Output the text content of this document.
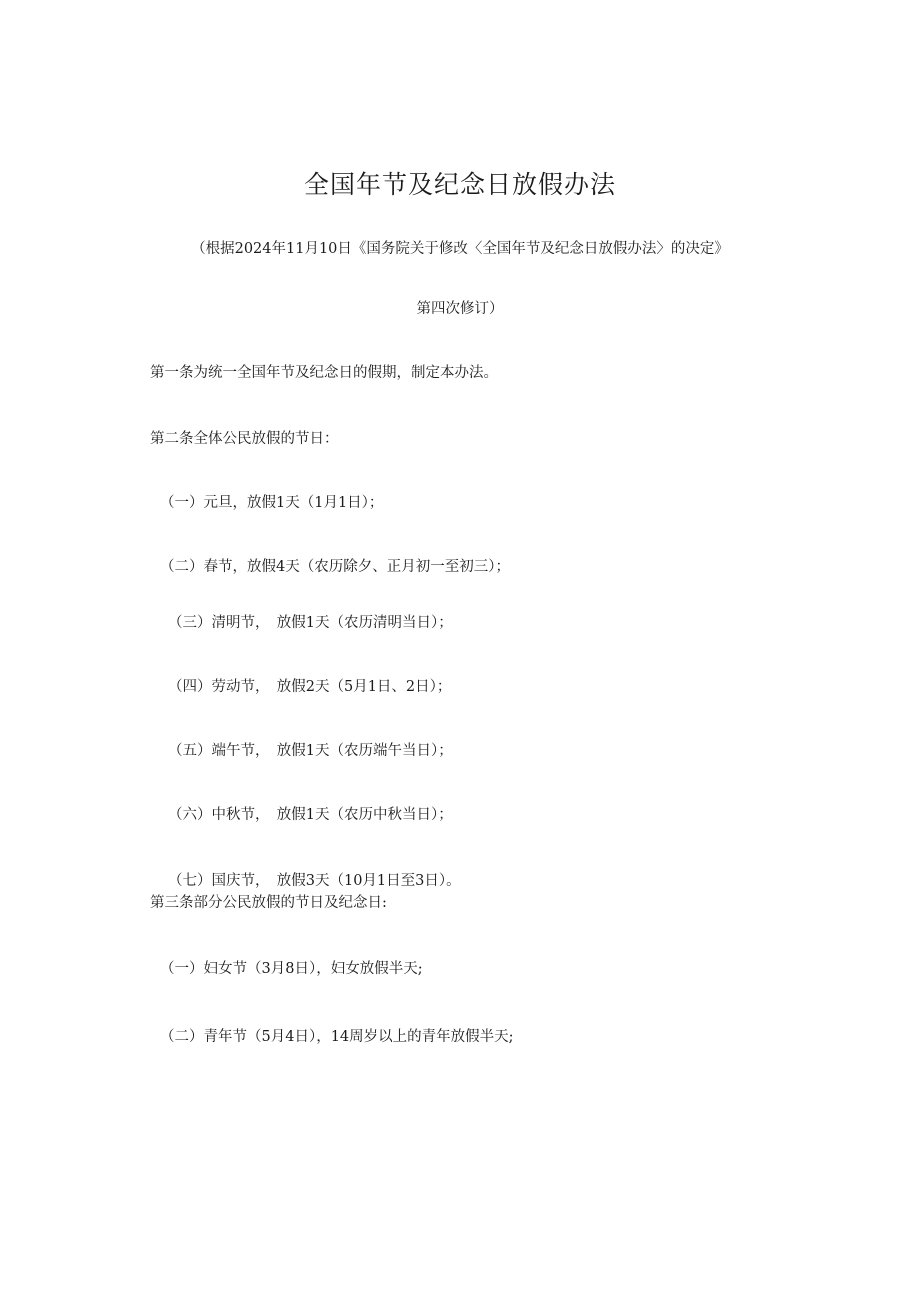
全国年节及纪念日放假办法
（根据2024年11月10日《国务院关于修改〈全国年节及纪念日放假办法〉的决定》
第四次修订）
第一条为统一全国年节及纪念日的假期，制定本办法。
第二条全体公民放假的节日：
（一）元旦，放假1天（1月1日）；
（二）春节，放假4天（农历除夕、正月初一至初三）；
（三）清明节，　放假1天（农历清明当日）；
（四）劳动节，　放假2天（5月1日、2日）；
（五）端午节，　放假1天（农历端午当日）；
（六）中秋节，　放假1天（农历中秋当日）；
（七）国庆节，　放假3天（10月1日至3日）。
第三条部分公民放假的节日及纪念日:
（一）妇女节（3月8日），妇女放假半天;
（二）青年节（5月4日），14周岁以上的青年放假半天;
